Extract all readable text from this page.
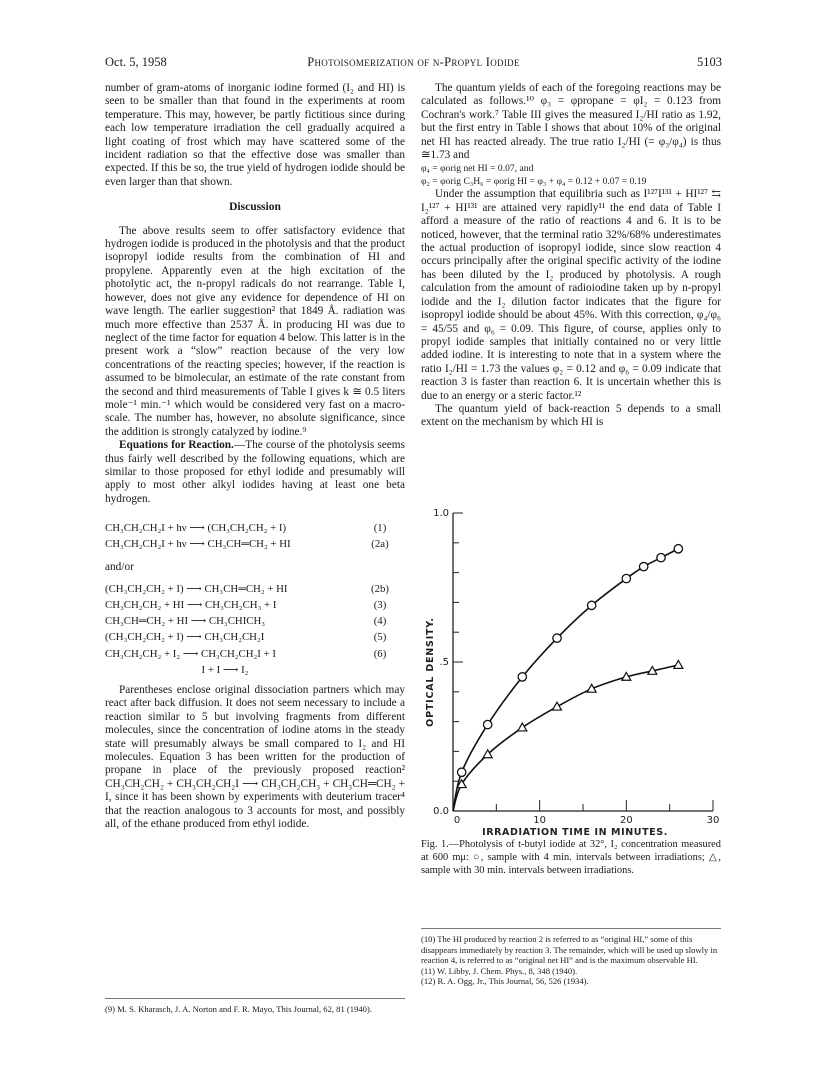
Oct. 5, 1958	Photoisomerization of n-Propyl Iodide	5103

number of gram-atoms of inorganic iodine formed (I₂ and HI) is seen to be smaller than that found in the experiments at room temperature. This may, however, be partly fictitious since during each low temperature irradiation the cell gradually acquired a light coating of frost which may have scattered some of the incident radiation so that the effective dose was smaller than expected. If this be so, the true yield of hydrogen iodide should be even larger than that shown.

Discussion

The above results seem to offer satisfactory evidence that hydrogen iodide is produced in the photolysis and that the product isopropyl iodide results from the combination of HI and propylene. Apparently even at the high excitation of the photolytic act, the n-propyl radicals do not rearrange. Table I, however, does not give any evidence for dependence of HI on wave length. The earlier suggestion² that 1849 Å. radiation was much more effective than 2537 Å. in producing HI was due to neglect of the time factor for equation 4 below. This latter is in the present work a “slow” reaction because of the very low concentrations of the reacting species; however, if the reaction is assumed to be bimolecular, an estimate of the rate constant from the second and third measurements of Table I gives k ≅ 0.5 liters mole⁻¹ min.⁻¹ which would be considered very fast on a macro-scale. The number has, however, no absolute significance, since the addition is strongly catalyzed by iodine.⁹

Equations for Reaction.—The course of the photolysis seems thus fairly well described by the following equations, which are similar to those proposed for ethyl iodide and presumably will apply to most other alkyl iodides having at least one beta hydrogen.

CH₃CH₂CH₂I + hν ⟶ (CH₃CH₂CH₂ + I)	(1)
CH₃CH₂CH₂I + hν ⟶ CH₃CH═CH₂ + HI	(2a)
and/or
(CH₃CH₂CH₂ + I) ⟶ CH₃CH═CH₂ + HI	(2b)
CH₃CH₂CH₂ + HI ⟶ CH₃CH₂CH₃ + I	(3)
CH₃CH═CH₂ + HI ⟶ CH₃CHICH₃	(4)
(CH₃CH₂CH₂ + I) ⟶ CH₃CH₂CH₂I	(5)
CH₃CH₂CH₂ + I₂ ⟶ CH₃CH₂CH₂I + I	(6)
I + I ⟶ I₂

Parentheses enclose original dissociation partners which may react after back diffusion. It does not seem necessary to include a reaction similar to 5 but involving fragments from different molecules, since the concentration of iodine atoms in the steady state will presumably always be small compared to I₂ and HI molecules. Equation 3 has been written for the production of propane in place of the previously proposed reaction² CH₃CH₂CH₂ + CH₃CH₂CH₂I ⟶ CH₃CH₂CH₃ + CH₃CH═CH₂ + I, since it has been shown by experiments with deuterium tracer⁴ that the reaction analogous to 3 accounts for most, and possibly all, of the ethane produced from ethyl iodide.

(9) M. S. Kharasch, J. A. Norton and F. R. Mayo, This Journal, 62, 81 (1940).

The quantum yields of each of the foregoing reactions may be calculated as follows.¹⁰ φ₃ = φpropane = φI₂ = 0.123 from Cochran's work.⁷ Table III gives the measured I₂/HI ratio as 1.92, but the first entry in Table I shows that about 10% of the original net HI has reacted already. The true ratio I₂/HI (= φ₃/φ₄) is thus ≅1.73 and

φ₄ = φorig net HI = 0.07, and

φ₂ = φorig C₃H₆ = φorig HI = φ₃ + φ₄ = 0.12 + 0.07 = 0.19

Under the assumption that equilibria such as I¹²⁷I¹³¹ + HI¹²⁷ ⇆ I₂¹²⁷ + HI¹³¹ are attained very rapidly¹¹ the end data of Table I afford a measure of the ratio of reactions 4 and 6. It is to be noticed, however, that the terminal ratio 32%/68% underestimates the actual production of isopropyl iodide, since slow reaction 4 occurs principally after the original specific activity of the iodine has been diluted by the I₂ produced by photolysis. A rough calculation from the amount of radioiodine taken up by n-propyl iodide and the I₂ dilution factor indicates that the figure for isopropyl iodide should be about 45%. With this correction, φ₄/φ₆ = 45/55 and φ₆ = 0.09. This figure, of course, applies only to propyl iodide samples that initially contained no or very little added iodine. It is interesting to note that in a system where the ratio I₂/HI = 1.73 the values φ₂ = 0.12 and φ₆ = 0.09 indicate that reaction 3 is faster than reaction 6. It is uncertain whether this is due to an energy or a steric factor.¹²

The quantum yield of back-reaction 5 depends to a small extent on the mechanism by which HI is

0	10	20	30
0.0
.5
1.0
IRRADIATION TIME IN MINUTES,
OPTICAL DENSITY.
Fig. 1.—Photolysis of t-butyl iodide at 32°, I₂ concentration measured at 600 mμ: ○, sample with 4 min. intervals between irradiations; △, sample with 30 min. intervals between irradiations.

(10) The HI produced by reaction 2 is referred to as “original HI,” some of this disappears immediately by reaction 3. The remainder, which will be used up slowly in reaction 4, is referred to as “original net HI” and is the maximum observable HI.

(11) W. Libby, J. Chem. Phys., 8, 348 (1940).

(12) R. A. Ogg, Jr., This Journal, 56, 526 (1934).
